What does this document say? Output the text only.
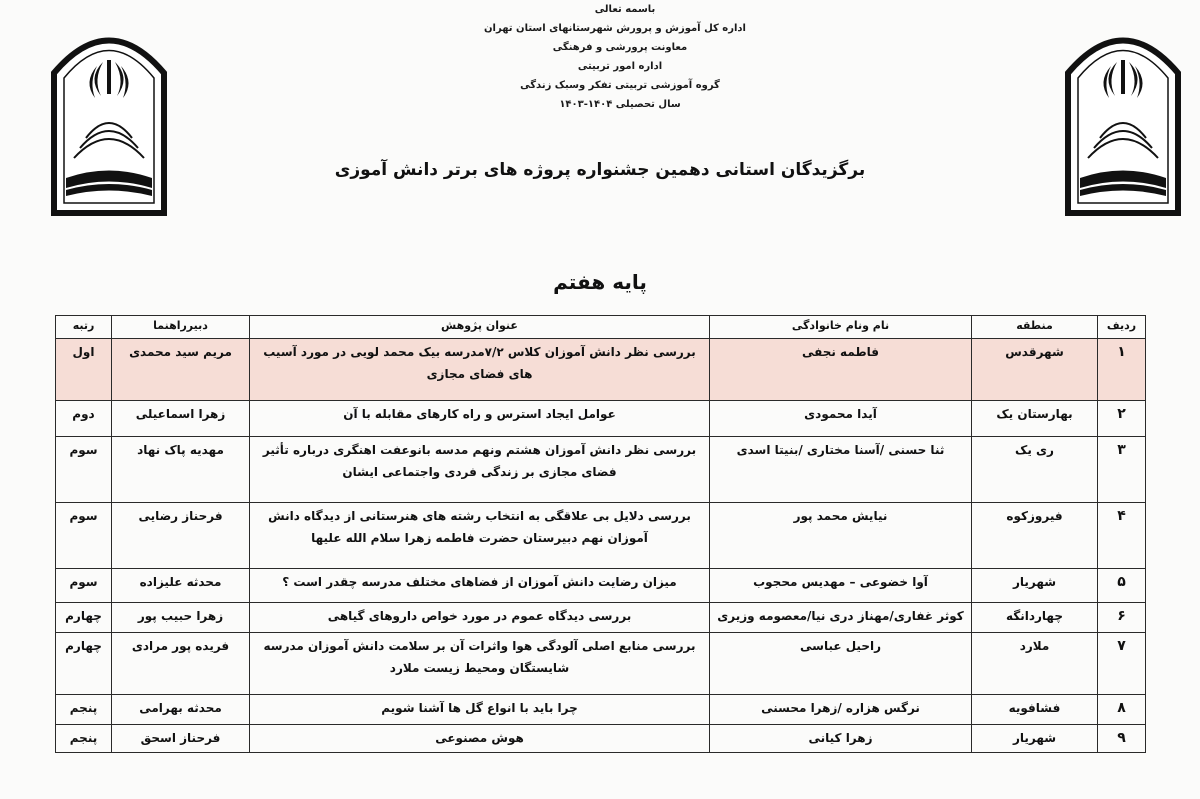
باسمه تعالی
اداره کل آموزش و پرورش شهرستانهای استان تهران
معاونت پرورشی و فرهنگی
اداره امور تربیتی
گروه آموزشی تربیتی تفکر وسبک زندگی
سال تحصیلی ۱۴۰۴-۱۴۰۳
برگزیدگان استانی دهمین جشنواره پروژه های برتر دانش آموزی
پایه هفتم
ردیف	منطقه	نام ونام خانوادگی	عنوان پژوهش	دبیرراهنما	رتبه
۱	شهرقدس	فاطمه نجفی	بررسی نظر دانش آموزان کلاس ۷/۲مدرسه بیک محمد لویی در مورد آسیب های فضای مجازی	مریم سید محمدی	اول
۲	بهارستان یک	آیدا محمودی	عوامل ایجاد استرس و راه کارهای مقابله با آن	زهرا اسماعیلی	دوم
۳	ری یک	ثنا حسنی /آسنا مختاری /بنیتا اسدی	بررسی نظر دانش آموزان هشتم ونهم مدسه بانوعفت اهنگری درباره تأثیر فضای مجازی بر زندگی فردی واجتماعی ایشان	مهدیه پاک نهاد	سوم
۴	فیروزکوه	نیایش محمد پور	بررسی دلایل بی علاقگی به انتخاب رشته های هنرستانی از دیدگاه دانش آموزان نهم دبیرستان حضرت فاطمه زهرا سلام الله علیها	فرحناز رضایی	سوم
۵	شهریار	آوا خضوعی – مهدیس محجوب	میزان رضایت دانش آموزان از فضاهای مختلف مدرسه چقدر است ؟	محدثه علیزاده	سوم
۶	چهاردانگه	کوثر غفاری/مهناز دری نیا/معصومه وزیری	بررسی دیدگاه عموم در مورد خواص داروهای گیاهی	زهرا حبیب پور	چهارم
۷	ملارد	راحیل عباسی	بررسی منابع اصلی آلودگی هوا واثرات آن بر سلامت دانش آموزان مدرسه شایستگان ومحیط زیست ملارد	فریده پور مرادی	چهارم
۸	فشافویه	نرگس هزاره /زهرا محسنی	چرا باید با انواع گل ها آشنا شویم	محدثه بهرامی	پنجم
۹	شهریار	زهرا کیانی	هوش مصنوعی	فرحناز اسحق	پنجم
